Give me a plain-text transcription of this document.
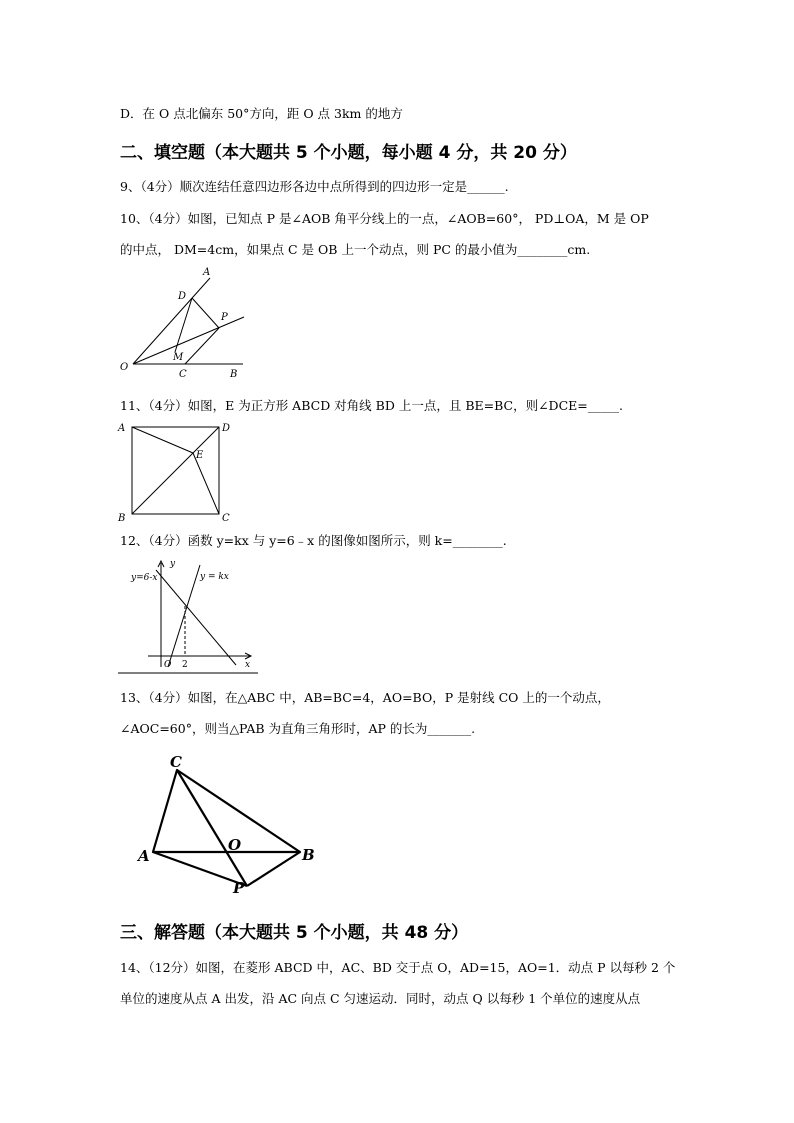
D．在 O 点北偏东 50°方向，距 O 点 3km 的地方
二、填空题（本大题共 5 个小题，每小题 4 分，共 20 分）
9、（4分）顺次连结任意四边形各边中点所得到的四边形一定是______.
10、（4分）如图，已知点 P 是∠AOB 角平分线上的一点，∠AOB=60°， PD⊥OA，M 是 OP
的中点， DM=4cm，如果点 C 是 OB 上一个动点，则 PC 的最小值为________cm.
A
D
P
M
O
C	B
11、（4分）如图，E 为正方形 ABCD 对角线 BD 上一点，且 BE=BC，则∠DCE=_____.
A	D
E
B	C
12、（4分）函数 y=kx 与 y=6﹣x 的图像如图所示，则 k=________.
y
y=6-x	y = kx
O 2	x
13、（4分）如图，在△ABC 中，AB=BC=4，AO=BO，P 是射线 CO 上的一个动点，
∠AOC=60°，则当△PAB 为直角三角形时，AP 的长为_______.
C
A
O
B
P
三、解答题（本大题共 5 个小题，共 48 分）
14、（12分）如图，在菱形 ABCD 中，AC、BD 交于点 O，AD=15，AO=1．动点 P 以每秒 2 个
单位的速度从点 A 出发，沿 AC 向点 C 匀速运动．同时，动点 Q 以每秒 1 个单位的速度从点
